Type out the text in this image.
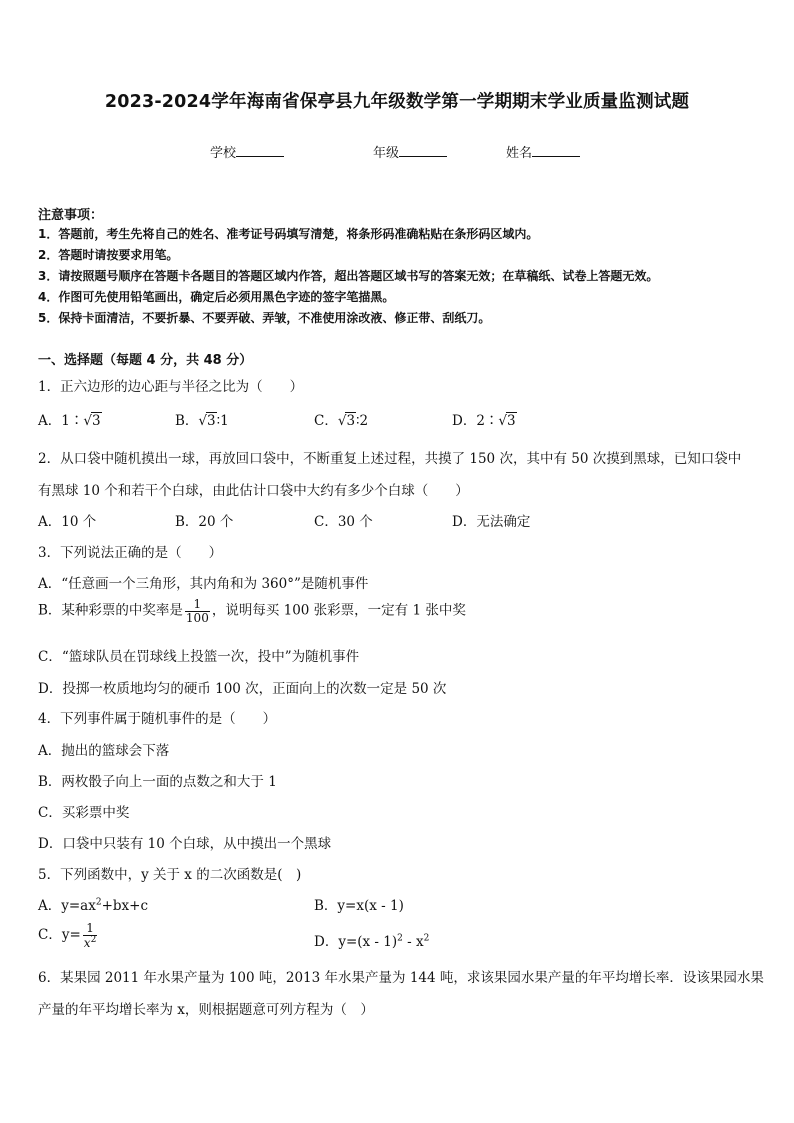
2023-2024学年海南省保亭县九年级数学第一学期期末学业质量监测试题
学校	年级	姓名
注意事项：
1．答题前，考生先将自己的姓名、准考证号码填写清楚，将条形码准确粘贴在条形码区域内。
2．答题时请按要求用笔。
3．请按照题号顺序在答题卡各题目的答题区域内作答，超出答题区域书写的答案无效；在草稿纸、试卷上答题无效。
4．作图可先使用铅笔画出，确定后必须用黑色字迹的签字笔描黑。
5．保持卡面清洁，不要折暴、不要弄破、弄皱，不准使用涂改液、修正带、刮纸刀。
一、选择题（每题 4 分，共 48 分）
1．正六边形的边心距与半径之比为（　　）
A．1∶√3	B．√3∶1	C．√3∶2	D．2∶√3
2．从口袋中随机摸出一球，再放回口袋中，不断重复上述过程，共摸了 150 次，其中有 50 次摸到黑球，已知口袋中
有黑球 10 个和若干个白球，由此估计口袋中大约有多少个白球（　　）
A．10 个	B．20 个	C．30 个	D．无法确定
3．下列说法正确的是（　　）
A．“任意画一个三角形，其内角和为 360°”是随机事件
B．某种彩票的中奖率是 $\frac{1}{100}$ ，说明每买 100 张彩票，一定有 1 张中奖
C．“篮球队员在罚球线上投篮一次，投中”为随机事件
D．投掷一枚质地均匀的硬币 100 次，正面向上的次数一定是 50 次
4．下列事件属于随机事件的是（　　）
A．抛出的篮球会下落
B．两枚骰子向上一面的点数之和大于 1
C．买彩票中奖
D．口袋中只装有 10 个白球，从中摸出一个黑球
5．下列函数中，y 关于 x 的二次函数是(　)
A．$y=ax^2+bx+c$	B．y=x(x - 1)
C．$y= \frac{1}{x^2}$	D．$y=(x - 1)^2 - x^2$
6．某果园 2011 年水果产量为 100 吨，2013 年水果产量为 144 吨，求该果园水果产量的年平均增长率．设该果园水果
产量的年平均增长率为 x，则根据题意可列方程为（　）
